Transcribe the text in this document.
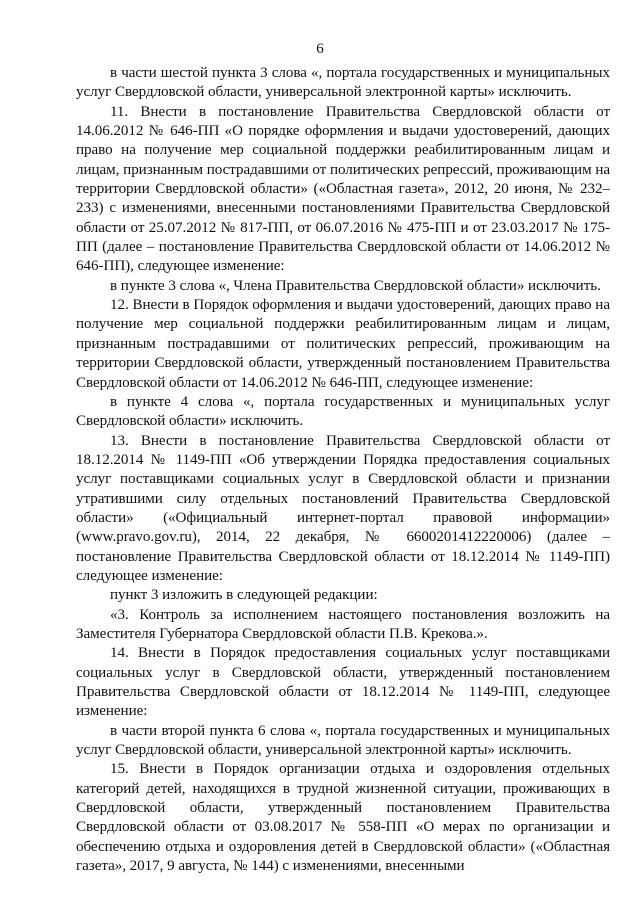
6

в части шестой пункта 3 слова «, портала государственных и муниципальных услуг Свердловской области, универсальной электронной карты» исключить.

11. Внести в постановление Правительства Свердловской области от 14.06.2012 № 646-ПП «О порядке оформления и выдачи удостоверений, дающих право на получение мер социальной поддержки реабилитированным лицам и лицам, признанным пострадавшими от политических репрессий, проживающим на территории Свердловской области» («Областная газета», 2012, 20 июня, № 232–233) с изменениями, внесенными постановлениями Правительства Свердловской области от 25.07.2012 № 817-ПП, от 06.07.2016 № 475-ПП и от 23.03.2017 № 175-ПП (далее – постановление Правительства Свердловской области от 14.06.2012 № 646-ПП), следующее изменение:

в пункте 3 слова «, Члена Правительства Свердловской области» исключить.

12. Внести в Порядок оформления и выдачи удостоверений, дающих право на получение мер социальной поддержки реабилитированным лицам и лицам, признанным пострадавшими от политических репрессий, проживающим на территории Свердловской области, утвержденный постановлением Правительства Свердловской области от 14.06.2012 № 646-ПП, следующее изменение:

в пункте 4 слова «, портала государственных и муниципальных услуг Свердловской области» исключить.

13. Внести в постановление Правительства Свердловской области от 18.12.2014 № 1149-ПП «Об утверждении Порядка предоставления социальных услуг поставщиками социальных услуг в Свердловской области и признании утратившими силу отдельных постановлений Правительства Свердловской области» («Официальный интернет-портал правовой информации» (www.pravo.gov.ru), 2014, 22 декабря, № 6600201412220006) (далее – постановление Правительства Свердловской области от 18.12.2014 № 1149-ПП) следующее изменение:

пункт 3 изложить в следующей редакции:

«3. Контроль за исполнением настоящего постановления возложить на Заместителя Губернатора Свердловской области П.В. Крекова.».

14. Внести в Порядок предоставления социальных услуг поставщиками социальных услуг в Свердловской области, утвержденный постановлением Правительства Свердловской области от 18.12.2014 № 1149-ПП, следующее изменение:

в части второй пункта 6 слова «, портала государственных и муниципальных услуг Свердловской области, универсальной электронной карты» исключить.

15. Внести в Порядок организации отдыха и оздоровления отдельных категорий детей, находящихся в трудной жизненной ситуации, проживающих в Свердловской области, утвержденный постановлением Правительства Свердловской области от 03.08.2017 № 558-ПП «О мерах по организации и обеспечению отдыха и оздоровления детей в Свердловской области» («Областная газета», 2017, 9 августа, № 144) с изменениями, внесенными
